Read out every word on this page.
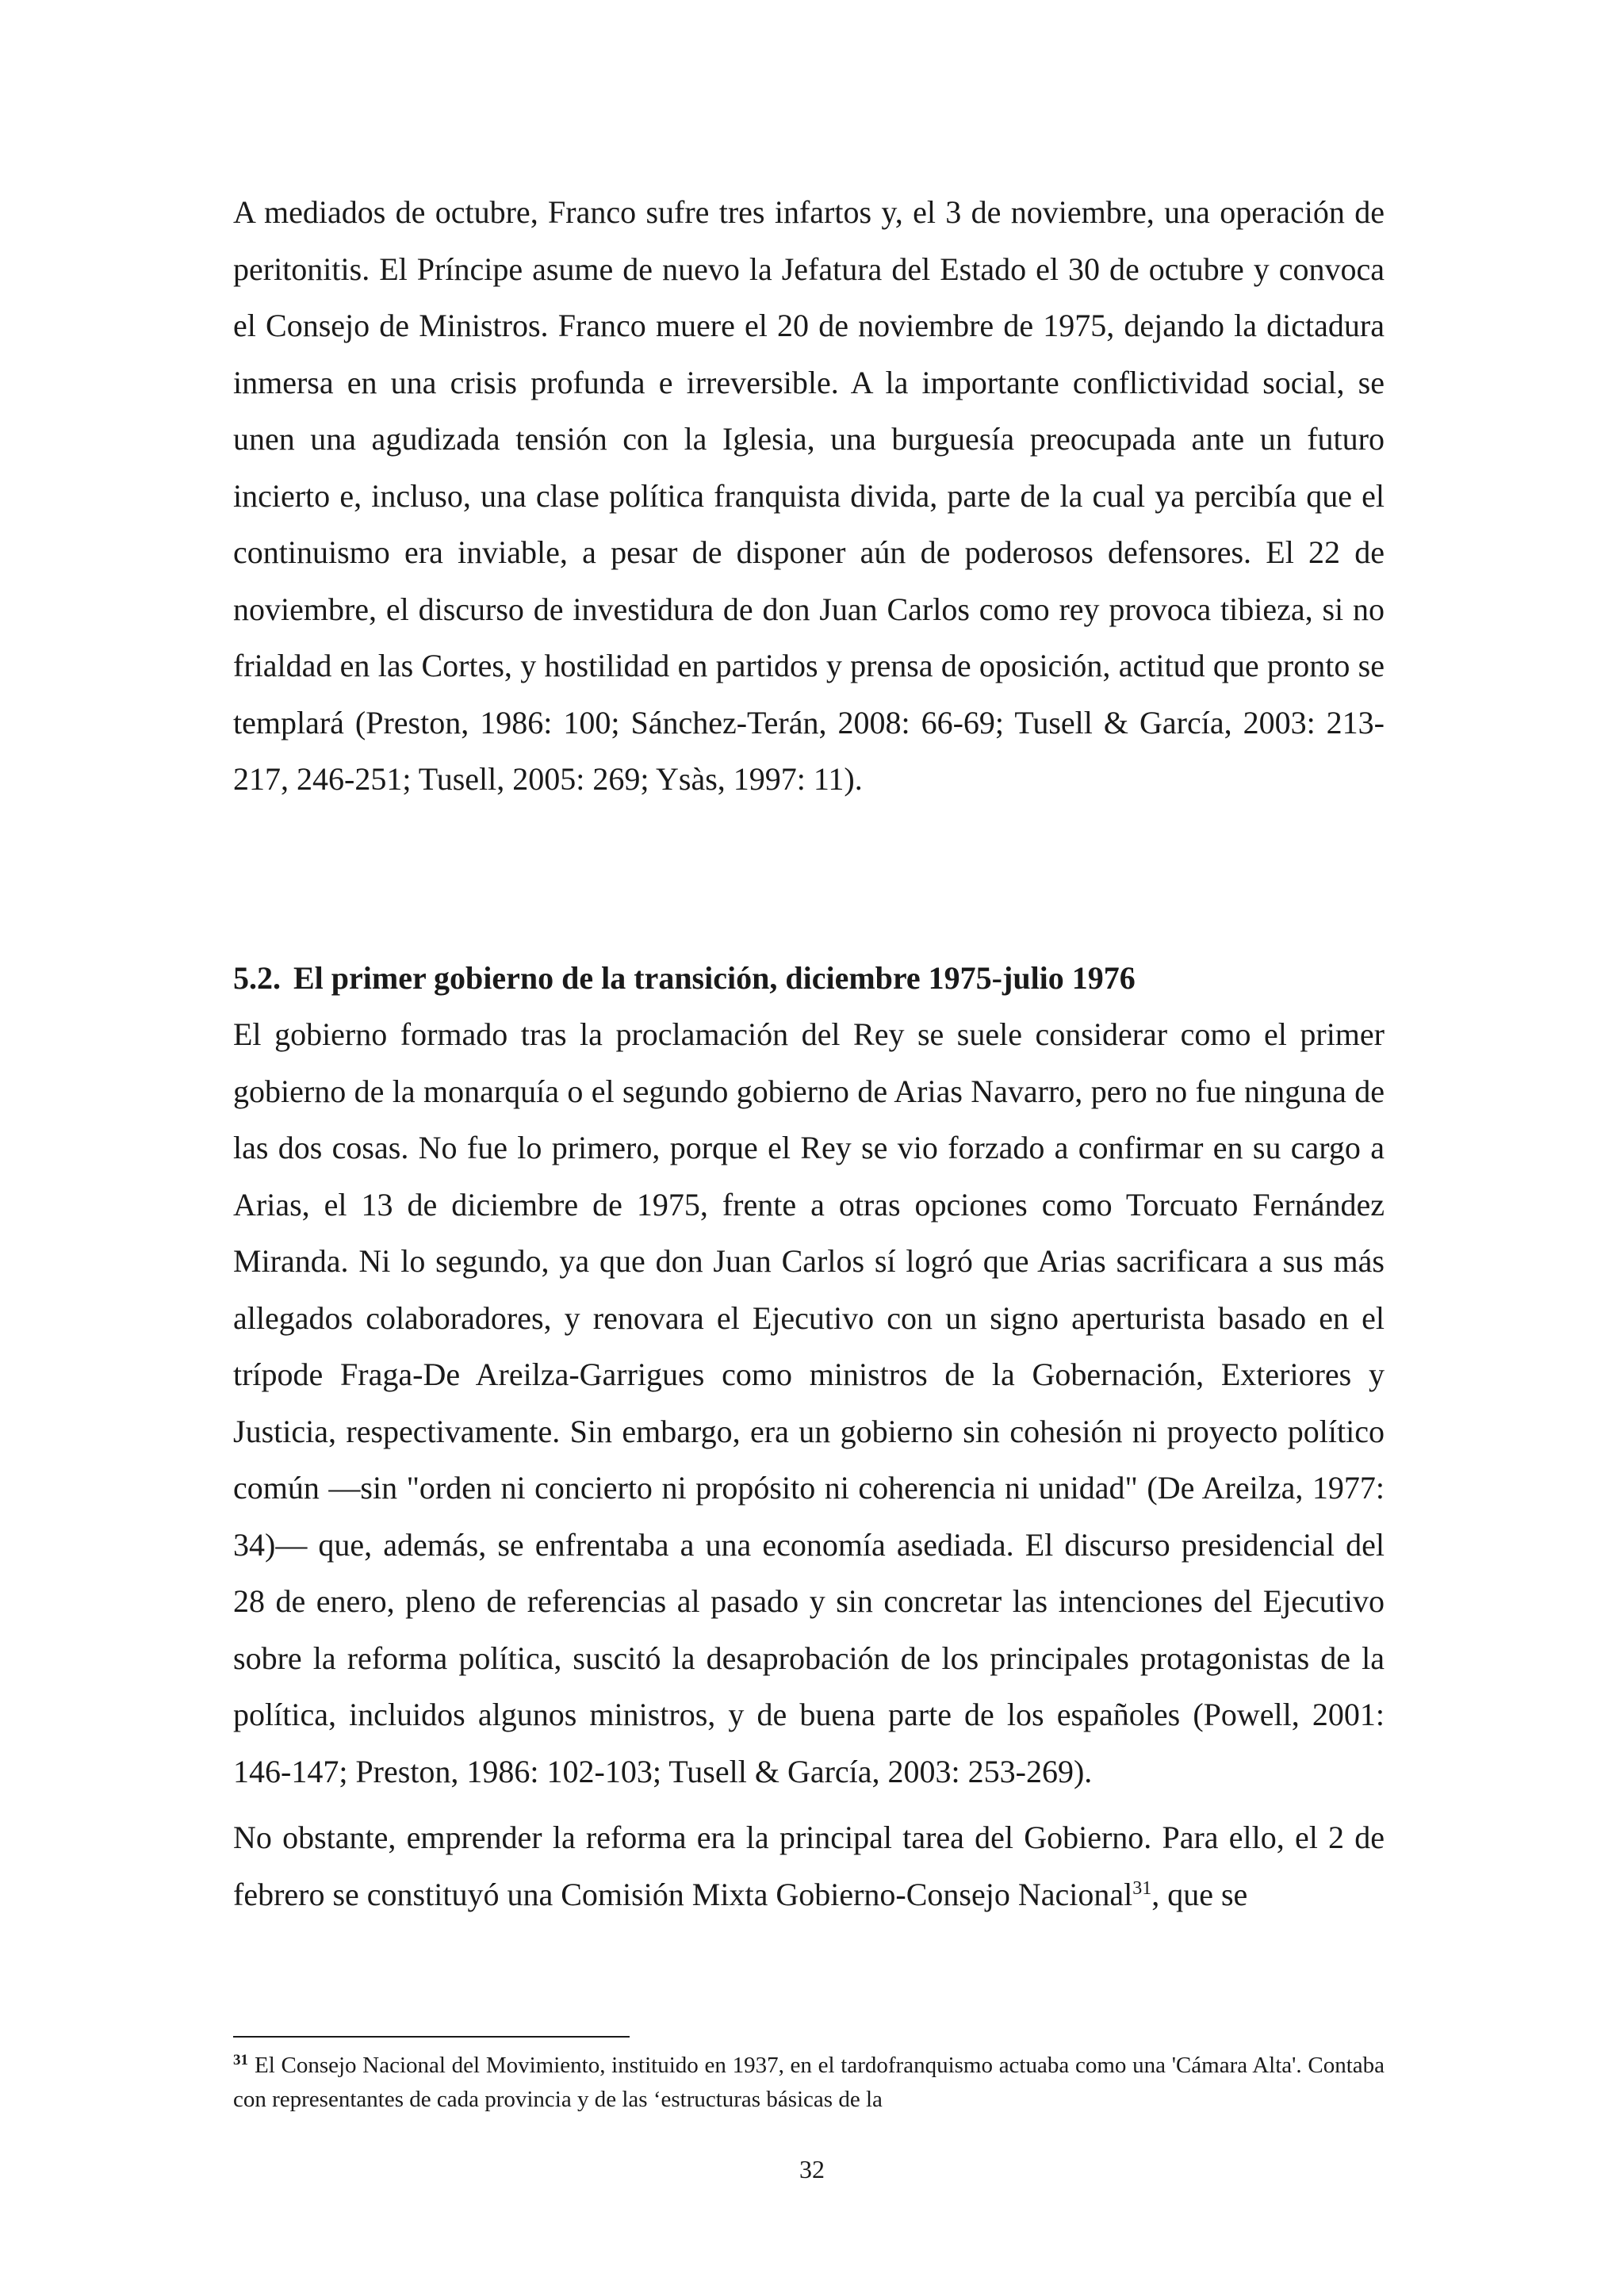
A mediados de octubre, Franco sufre tres infartos y, el 3 de noviembre, una operación de peritonitis. El Príncipe asume de nuevo la Jefatura del Estado el 30 de octubre y convoca el Consejo de Ministros. Franco muere el 20 de noviembre de 1975, dejando la dictadura inmersa en una crisis profunda e irreversible. A la importante conflictividad social, se unen una agudizada tensión con la Iglesia, una burguesía preocupada ante un futuro incierto e, incluso, una clase política franquista divida, parte de la cual ya percibía que el continuismo era inviable, a pesar de disponer aún de poderosos defensores. El 22 de noviembre, el discurso de investidura de don Juan Carlos como rey provoca tibieza, si no frialdad en las Cortes, y hostilidad en partidos y prensa de oposición, actitud que pronto se templará (Preston, 1986: 100; Sánchez-Terán, 2008: 66-69; Tusell & García, 2003: 213-217, 246-251; Tusell, 2005: 269; Ysàs, 1997: 11).

5.2. El primer gobierno de la transición, diciembre 1975-julio 1976

El gobierno formado tras la proclamación del Rey se suele considerar como el primer gobierno de la monarquía o el segundo gobierno de Arias Navarro, pero no fue ninguna de las dos cosas. No fue lo primero, porque el Rey se vio forzado a confirmar en su cargo a Arias, el 13 de diciembre de 1975, frente a otras opciones como Torcuato Fernández Miranda. Ni lo segundo, ya que don Juan Carlos sí logró que Arias sacrificara a sus más allegados colaboradores, y renovara el Ejecutivo con un signo aperturista basado en el trípode Fraga-De Areilza-Garrigues como ministros de la Gobernación, Exteriores y Justicia, respectivamente. Sin embargo, era un gobierno sin cohesión ni proyecto político común —sin "orden ni concierto ni propósito ni coherencia ni unidad" (De Areilza, 1977: 34)— que, además, se enfrentaba a una economía asediada. El discurso presidencial del 28 de enero, pleno de referencias al pasado y sin concretar las intenciones del Ejecutivo sobre la reforma política, suscitó la desaprobación de los principales protagonistas de la política, incluidos algunos ministros, y de buena parte de los españoles (Powell, 2001: 146-147; Preston, 1986: 102-103; Tusell & García, 2003: 253-269).

No obstante, emprender la reforma era la principal tarea del Gobierno. Para ello, el 2 de febrero se constituyó una Comisión Mixta Gobierno-Consejo Nacional$^{31}$, que se

$^{31}$ El Consejo Nacional del Movimiento, instituido en 1937, en el tardofranquismo actuaba como una 'Cámara Alta'. Contaba con representantes de cada provincia y de las ‘estructuras básicas de la

32
